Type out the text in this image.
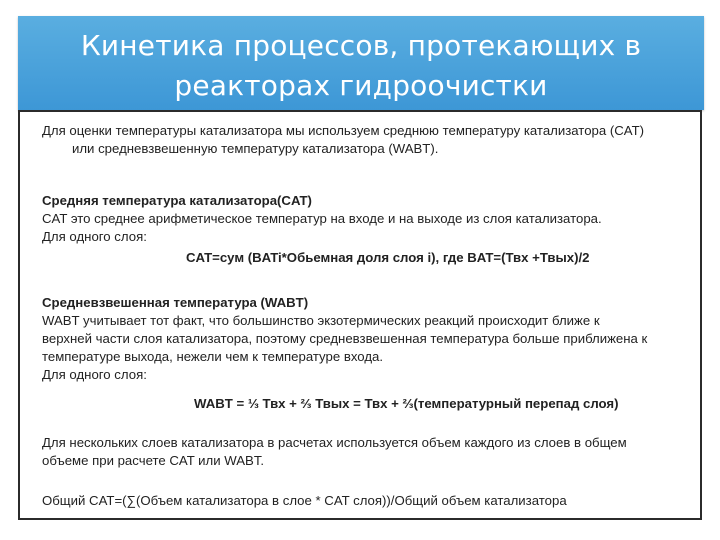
Кинетика процессов, протекающих в
реакторах гидроочистки

Для оценки температуры катализатора мы используем среднюю температуру катализатора (CAT)

или средневзвешенную температуру катализатора (WABT).

Средняя температура катализатора(CAT)

CAT это среднее арифметическое температур на входе и на выходе из слоя катализатора.

Для одного слоя:

CAT=сум (BATi*Обьемная доля слоя i), где BAT=(Твх +Твых)/2

Средневзвешенная температура (WABT)

WABT учитывает тот факт, что большинство экзотермических реакций происходит ближе к

верхней части слоя катализатора, поэтому средневзвешенная температура больше приближена к

температуре выхода, нежели чем к температуре входа.

Для одного слоя:

WABT = ⅓ Твх + ⅔ Твых = Твх + ⅔(температурный перепад слоя)

Для нескольких слоев катализатора в расчетах используется объем каждого из слоев в общем

объеме при расчете CAT или WABT.

Общий CAT=(∑(Объем катализатора в слое * CAT слоя))/Общий объем катализатора
